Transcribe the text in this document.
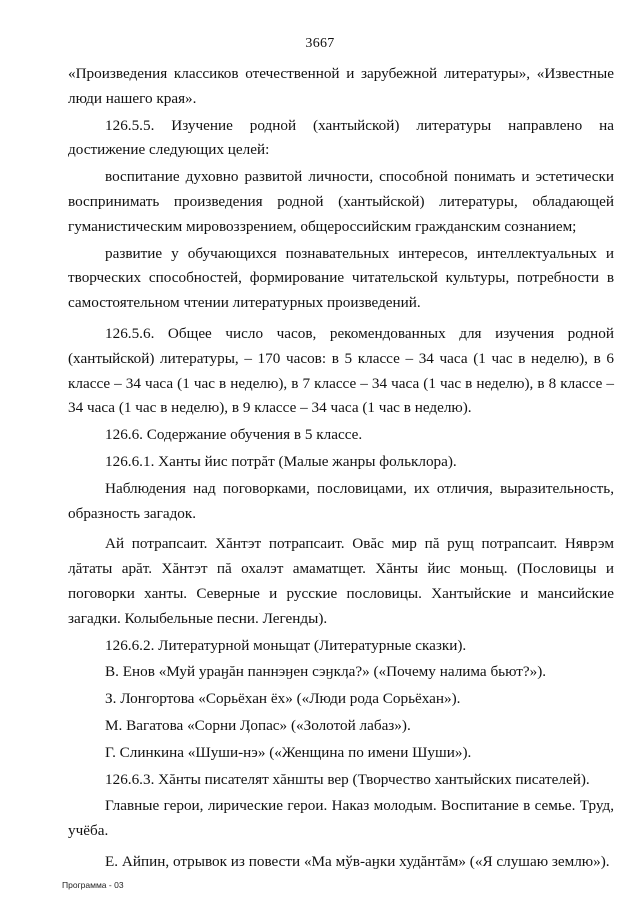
3667

«Произведения классиков отечественной и зарубежной литературы», «Известные люди нашего края».

126.5.5. Изучение родной (хантыйской) литературы направлено на достижение следующих целей:

воспитание духовно развитой личности, способной понимать и эстетически воспринимать произведения родной (хантыйской) литературы, обладающей гуманистическим мировоззрением, общероссийским гражданским сознанием;

развитие у обучающихся познавательных интересов, интеллектуальных и творческих способностей, формирование читательской культуры, потребности в самостоятельном чтении литературных произведений.

126.5.6. Общее число часов, рекомендованных для изучения родной (хантыйской) литературы, – 170 часов: в 5 классе – 34 часа (1 час в неделю), в 6 классе – 34 часа (1 час в неделю), в 7 классе – 34 часа (1 час в неделю), в 8 классе – 34 часа (1 час в неделю), в 9 классе – 34 часа (1 час в неделю).

126.6. Содержание обучения в 5 классе.

126.6.1. Ханты йис потрăт (Малые жанры фольклора).

Наблюдения над поговорками, пословицами, их отличия, выразительность, образность загадок.

Ай потрапсаит. Хăнтэт потрапсаит. Овăс мир пă рущ потрапсаит. Няврэм ӆăтаты арăт. Хăнтэт пă охалэт амаматщет. Хăнты йис моньщ. (Пословицы и поговорки ханты. Северные и русские пословицы. Хантыйские и мансийские загадки. Колыбельные песни. Легенды).

126.6.2. Литературной моньщат (Литературные сказки).

В. Енов «Муй урaӈăн паннэӈен сэӈкӆа?» («Почему налима бьют?»).

З. Лонгортова «Сорьёхан ёх» («Люди рода Сорьёхан»).

М. Вагатова «Сорни Ӆопас» («Золотой лабаз»).

Г. Слинкина «Шуши-нэ» («Женщина по имени Шуши»).

126.6.3. Хăнты писателят хăншты вер (Творчество хантыйских писателей).

Главные герои, лирические герои. Наказ молодым. Воспитание в семье. Труд, учёба.

Е. Айпин, отрывок из повести «Ма мўв-аӈки худăнтăм» («Я слушаю землю»).

Программа - 03
